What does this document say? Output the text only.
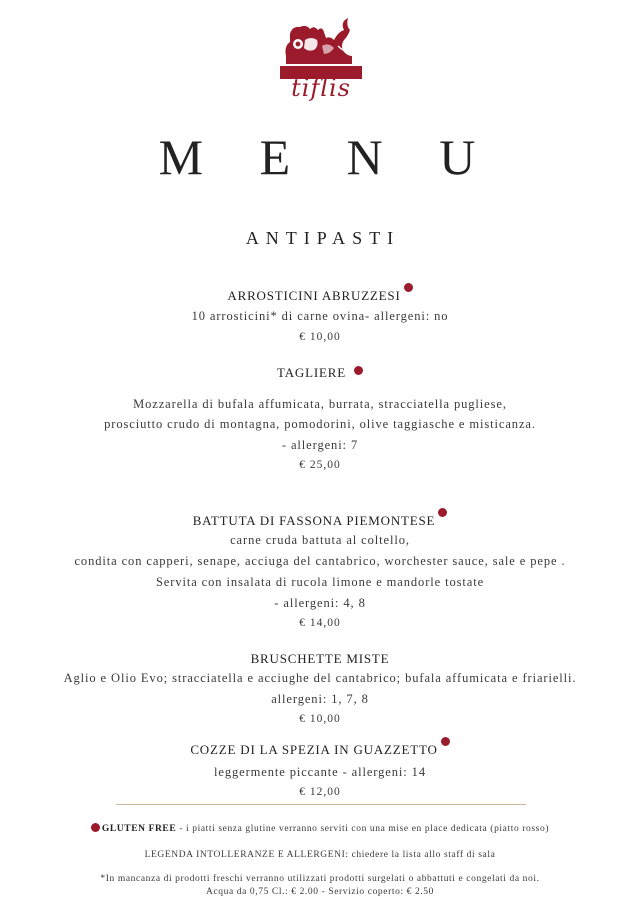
tiflis
M E N U
ANTIPASTI
ARROSTICINI ABRUZZESI
10 arrosticini* di carne ovina- allergeni: no
€ 10,00
TAGLIERE
Mozzarella di bufala affumicata, burrata, stracciatella pugliese,
prosciutto crudo di montagna, pomodorini, olive taggiasche e misticanza.
- allergeni: 7
€ 25,00
BATTUTA DI FASSONA PIEMONTESE
carne cruda battuta al coltello,
condita con capperi, senape, acciuga del cantabrico, worchester sauce, sale e pepe .
Servita con insalata di rucola limone e mandorle tostate
- allergeni: 4, 8
€ 14,00
BRUSCHETTE MISTE
Aglio e Olio Evo; stracciatella e acciughe del cantabrico; bufala affumicata e friarielli.
allergeni: 1, 7, 8
€ 10,00
COZZE DI LA SPEZIA IN GUAZZETTO
leggermente piccante - allergeni: 14
€ 12,00
GLUTEN FREE - i piatti senza glutine verranno serviti con una mise en place dedicata (piatto rosso)
LEGENDA INTOLLERANZE E ALLERGENI: chiedere la lista allo staff di sala
*In mancanza di prodotti freschi verranno utilizzati prodotti surgelati o abbattuti e congelati da noi.
Acqua da 0,75 Cl.: € 2.00 - Servizio coperto: € 2.50
